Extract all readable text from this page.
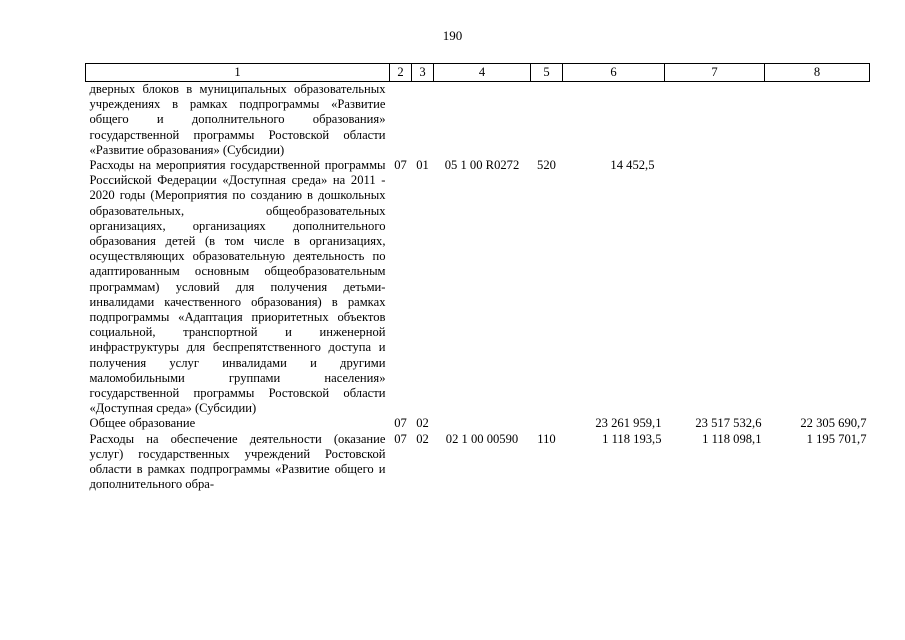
190
1	2	3	4	5	6	7	8
дверных блоков в муниципальных образовательных учреждениях в рамках подпрограммы «Развитие общего и дополнительного образования» государственной программы Ростовской области «Развитие образования» (Субсидии)							
Расходы на мероприятия государственной программы Российской Федерации «Доступная среда» на 2011 - 2020 годы (Мероприятия по созданию в дошкольных образовательных, общеобразовательных организациях, организациях дополнительного образования детей (в том числе в организациях, осуществляющих образовательную деятельность по адаптированным основным общеобразовательным программам) условий для получения детьми-инвалидами качественного образования) в рамках подпрограммы «Адаптация приоритетных объектов социальной, транспортной и инженерной инфраструктуры для беспрепятственного доступа и получения услуг инвалидами и другими маломобильными группами населения» государственной программы Ростовской области «Доступная среда» (Субсидии)	07	01	05 1 00 R0272	520	14 452,5		
Общее образование	07	02			23 261 959,1	23 517 532,6	22 305 690,7
Расходы на обеспечение деятельности (оказание услуг) государственных учреждений Ростовской области в рамках подпрограммы «Развитие общего и дополнительного обра-	07	02	02 1 00 00590	110	1 118 193,5	1 118 098,1	1 195 701,7
